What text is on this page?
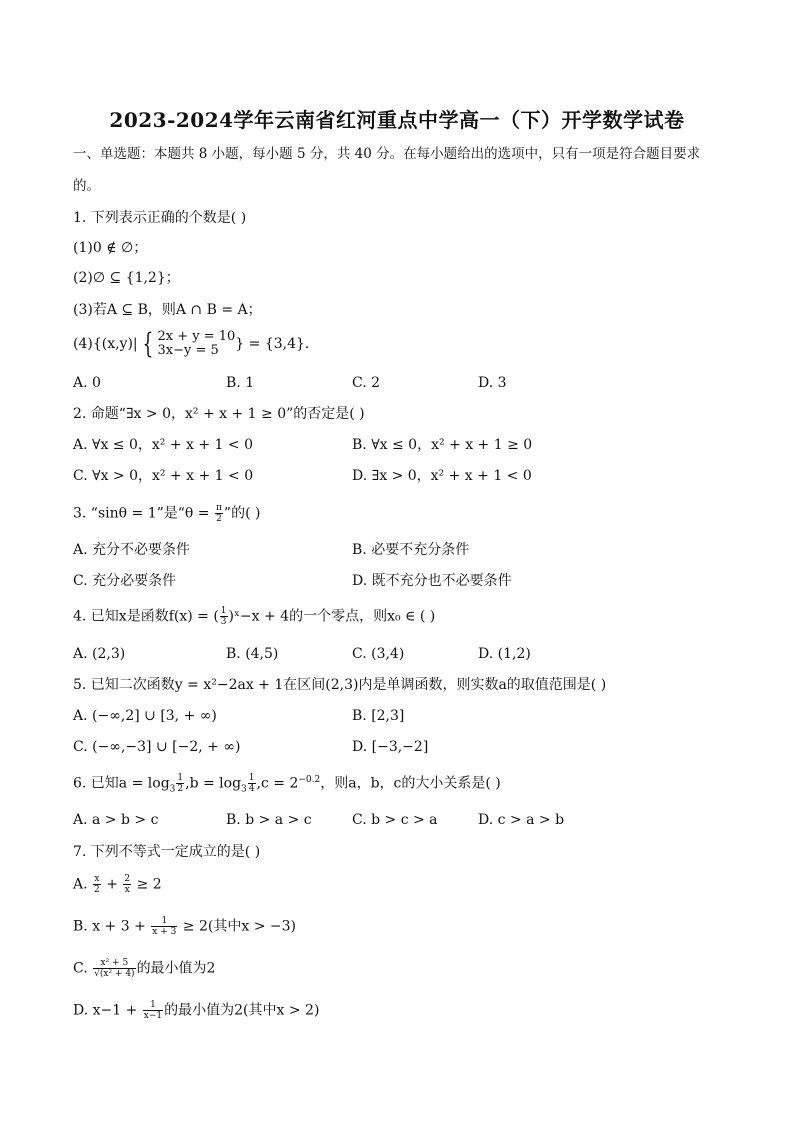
2023-2024学年云南省红河重点中学高一（下）开学数学试卷
一、单选题：本题共 8 小题，每小题 5 分，共 40 分。在每小题给出的选项中，只有一项是符合题目要求
的。
1. 下列表示正确的个数是( )
(1)0 ∉ ∅；
(2)∅ ⊆ {1,2}；
(3)若A ⊆ B，则A ∩ B = A；
(4){(x,y)| { 2x + y = 10
3x−y = 5	} = {3,4}．
A. 0	B. 1	C. 2	D. 3
2. 命题“∃x > 0，x² + x + 1 ≥ 0”的否定是( )
A. ∀x ≤ 0，x² + x + 1 < 0	B. ∀x ≤ 0，x² + x + 1 ≥ 0
C. ∀x > 0，x² + x + 1 < 0	D. ∃x > 0，x² + x + 1 < 0
3. “sinθ = 1”是“$\theta = \frac{\pi}{2}$ ”的( )
A. 充分不必要条件	B. 必要不充分条件
C. 充分必要条件	D. 既不充分也不必要条件
4. 已知x是函数f(x) = ( $\frac{1}{3}$ )ˣ−x + 4的一个零点，则x₀ ∈ ( )
A. (2,3)	B. (4,5)	C. (3,4)	D. (1,2)
5. 已知二次函数y = x²−2ax + 1在区间(2,3)内是单调函数，则实数a的取值范围是( )
A. (−∞,2] ∪ [3, + ∞)	B. [2,3]
C. (−∞,−3] ∪ [−2, + ∞)	D. [−3,−2]
6. 已知$a = \log_3 \frac{1}{2} ,b = \log_3 \frac{1}{4} ,c = 2^{-0.2}$，则a，b，c的大小关系是( )
A. a > b > c	B. b > a > c	C. b > c > a	D. c > a > b
7. 下列不等式一定成立的是( )
A. $\frac{x}{2} + \frac{2}{x} \ge 2$
B. $x + 3 + \frac{1}{x + 3} \ge 2$(其中x > −3)
C. $\frac{\text{x² + 5}}{\text{√(x² + 4)}}$ 的最小值为2
D. $x-1 + \frac{1}{x-1}$ 的最小值为2(其中x > 2)
